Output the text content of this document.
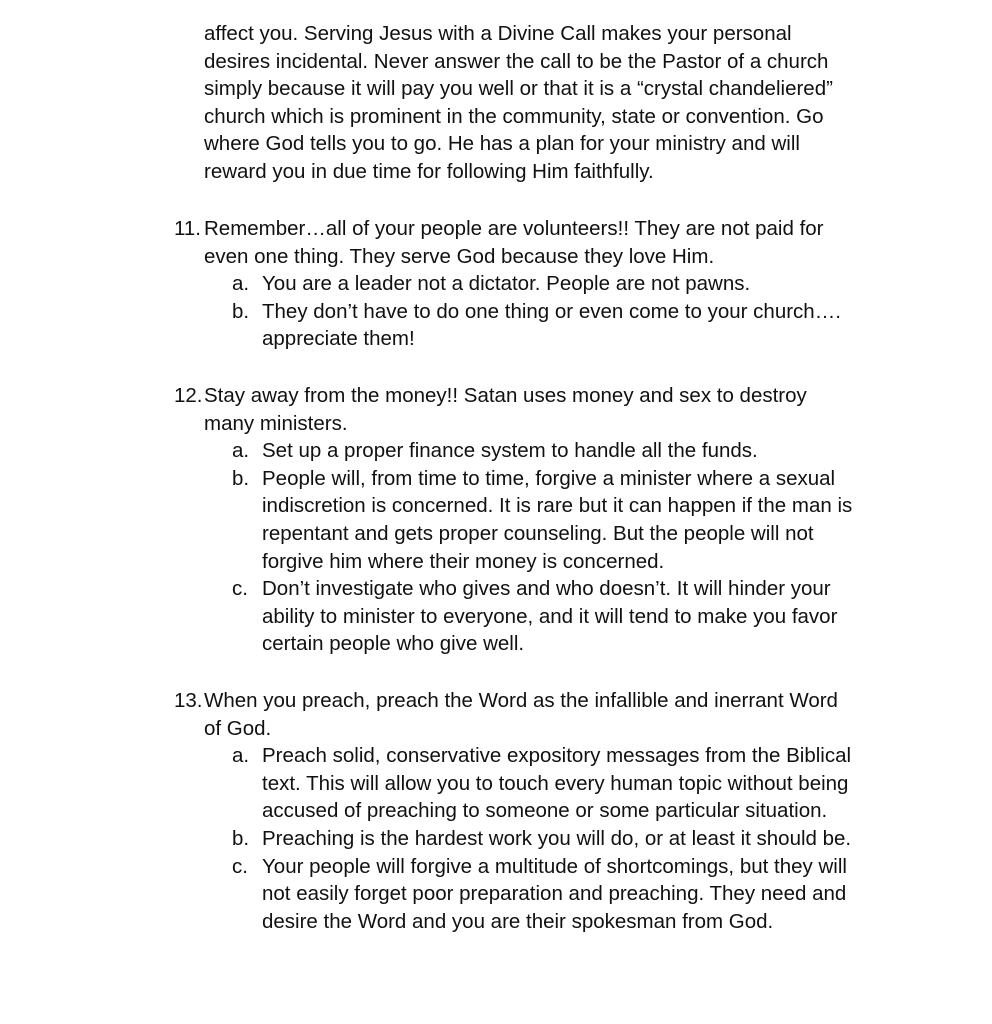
affect you. Serving Jesus with a Divine Call makes your personal desires incidental. Never answer the call to be the Pastor of a church simply because it will pay you well or that it is a “crystal chandeliered” church which is prominent in the community, state or convention. Go where God tells you to go. He has a plan for your ministry and will reward you in due time for following Him faithfully.

11. Remember…all of your people are volunteers!! They are not paid for even one thing. They serve God because they love Him.
a. You are a leader not a dictator. People are not pawns.
b. They don’t have to do one thing or even come to your church…. appreciate them!
12. Stay away from the money!! Satan uses money and sex to destroy many ministers.
a. Set up a proper finance system to handle all the funds.
b. People will, from time to time, forgive a minister where a sexual indiscretion is concerned. It is rare but it can happen if the man is repentant and gets proper counseling. But the people will not forgive him where their money is concerned.
c. Don’t investigate who gives and who doesn’t. It will hinder your ability to minister to everyone, and it will tend to make you favor certain people who give well.
13. When you preach, preach the Word as the infallible and inerrant Word of God.
a. Preach solid, conservative expository messages from the Biblical text. This will allow you to touch every human topic without being accused of preaching to someone or some particular situation.
b. Preaching is the hardest work you will do, or at least it should be.
c. Your people will forgive a multitude of shortcomings, but they will not easily forget poor preparation and preaching. They need and desire the Word and you are their spokesman from God.
